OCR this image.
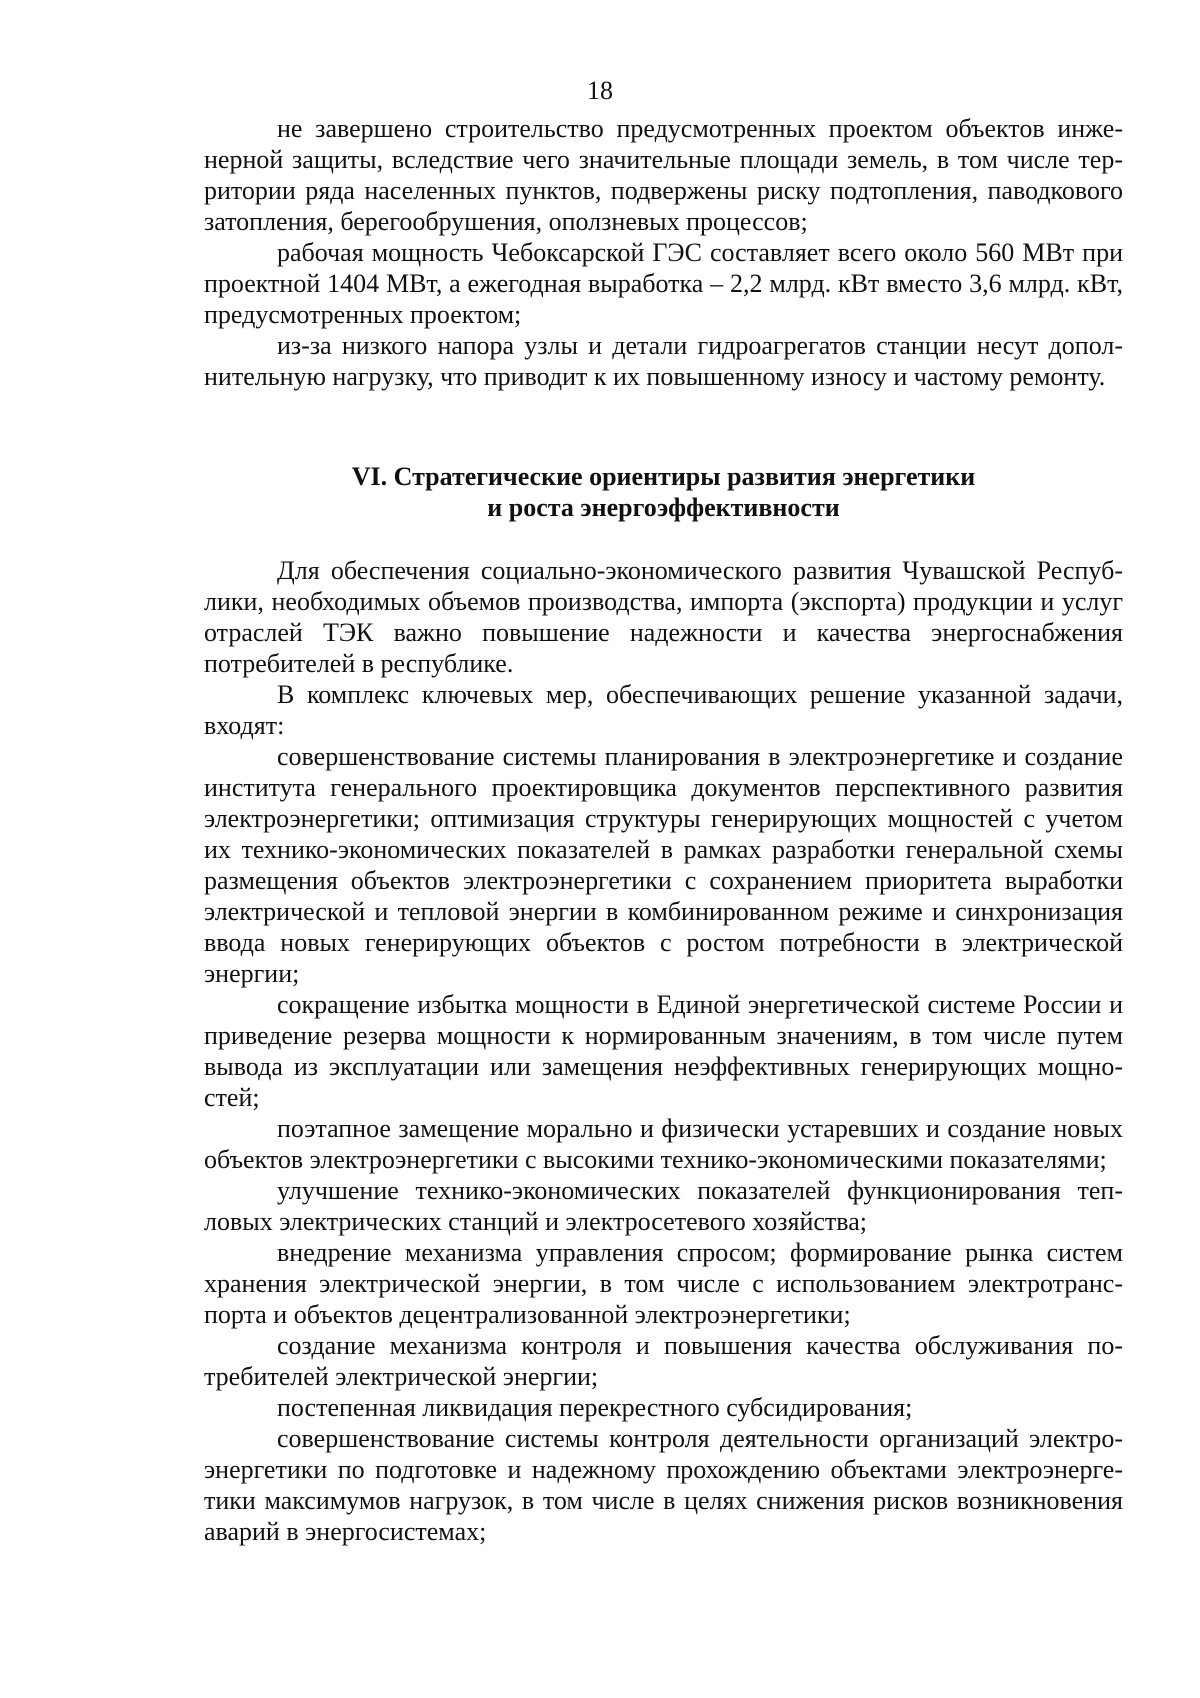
18

не завершено строительство предусмотренных проектом объектов инженерной защиты, вследствие чего значительные площади земель, в том числе территории ряда населенных пунктов, подвержены риску подтопления, паводкового затопления, берегообрушения, оползневых процессов;

рабочая мощность Чебоксарской ГЭС составляет всего около 560 МВт при проектной 1404 МВт, а ежегодная выработка – 2,2 млрд. кВт вместо 3,6 млрд. кВт, предусмотренных проектом;

из-за низкого напора узлы и детали гидроагрегатов станции несут дополнительную нагрузку, что приводит к их повышенному износу и частому ремонту.

VI. Стратегические ориентиры развития энергетики
и роста энергоэффективности

Для обеспечения социально-экономического развития Чувашской Республики, необходимых объемов производства, импорта (экспорта) продукции и услуг отраслей ТЭК важно повышение надежности и качества энергоснабжения потребителей в республике.

В комплекс ключевых мер, обеспечивающих решение указанной задачи, входят:

совершенствование системы планирования в электроэнергетике и создание института генерального проектировщика документов перспективного развития электроэнергетики; оптимизация структуры генерирующих мощностей с учетом их технико-экономических показателей в рамках разработки генеральной схемы размещения объектов электроэнергетики с сохранением приоритета выработки электрической и тепловой энергии в комбинированном режиме и синхронизация ввода новых генерирующих объектов с ростом потребности в электрической энергии;

сокращение избытка мощности в Единой энергетической системе России и приведение резерва мощности к нормированным значениям, в том числе путем вывода из эксплуатации или замещения неэффективных генерирующих мощностей;

поэтапное замещение морально и физически устаревших и создание новых объектов электроэнергетики с высокими технико-экономическими показателями;

улучшение технико-экономических показателей функционирования тепловых электрических станций и электросетевого хозяйства;

внедрение механизма управления спросом; формирование рынка систем хранения электрической энергии, в том числе с использованием электротранспорта и объектов децентрализованной электроэнергетики;

создание механизма контроля и повышения качества обслуживания потребителей электрической энергии;

постепенная ликвидация перекрестного субсидирования;

совершенствование системы контроля деятельности организаций электроэнергетики по подготовке и надежному прохождению объектами электроэнергетики максимумов нагрузок, в том числе в целях снижения рисков возникновения аварий в энергосистемах;
